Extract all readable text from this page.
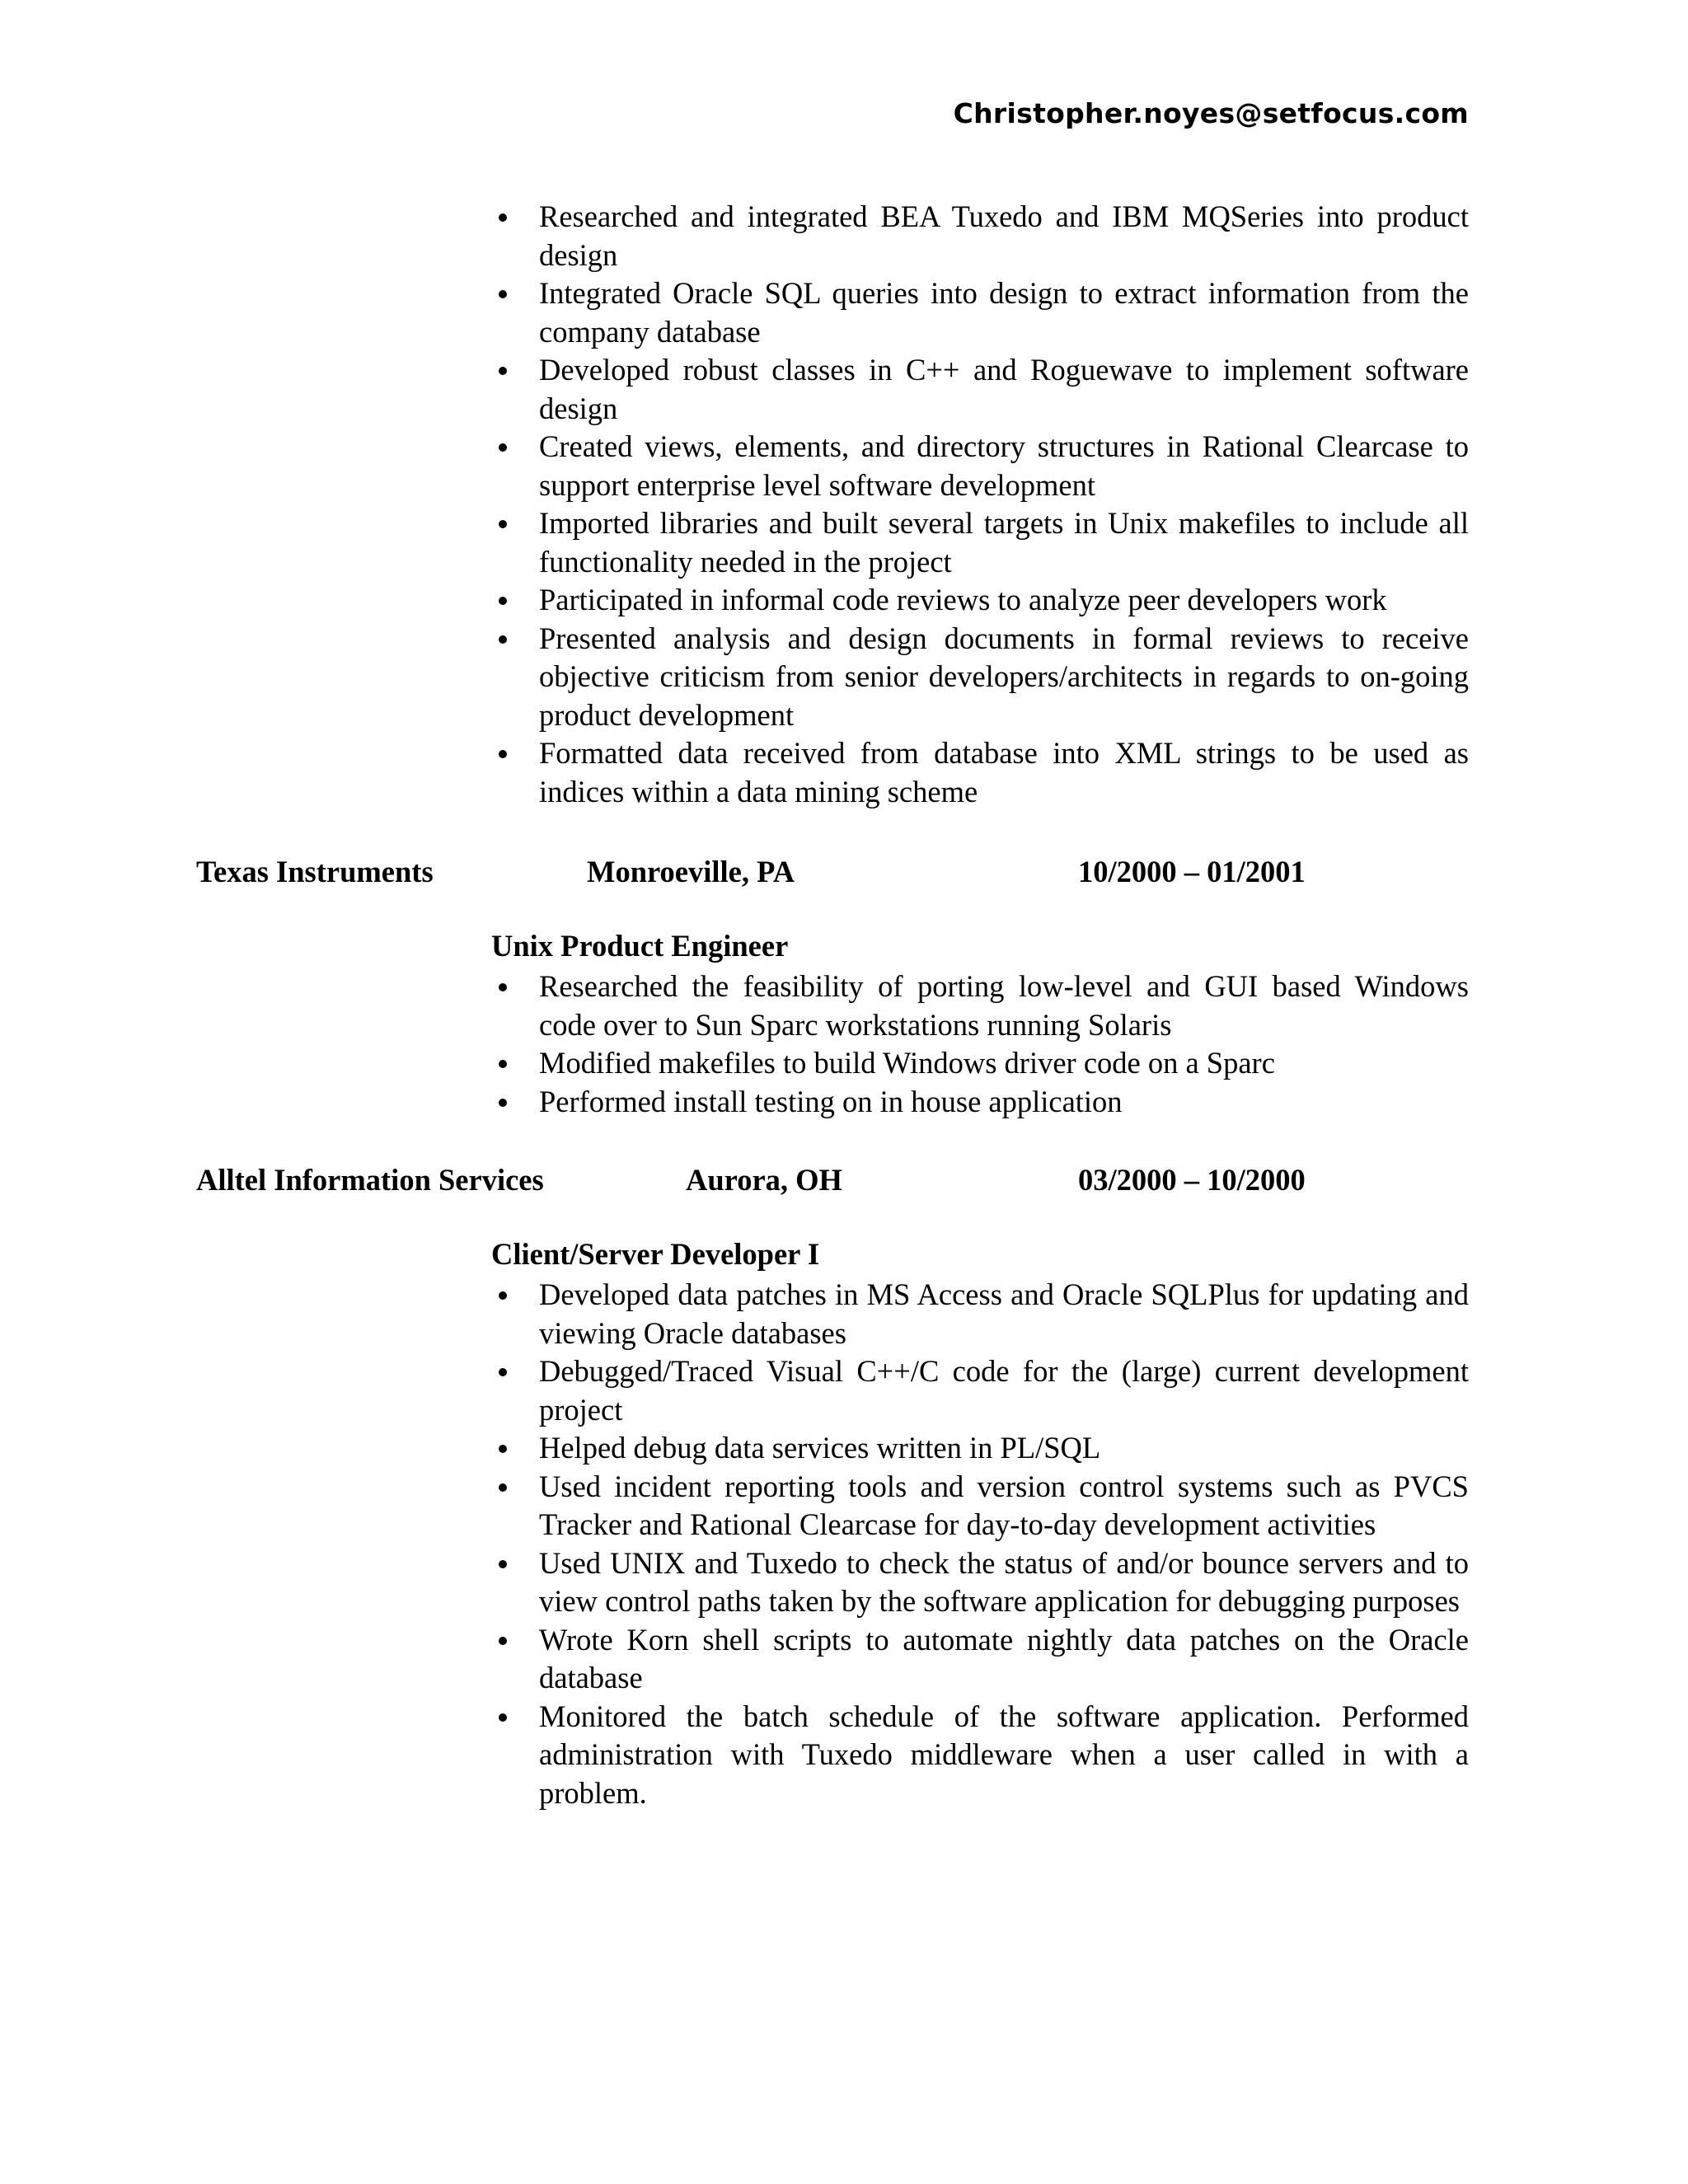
Christopher.noyes@setfocus.com
Researched and integrated BEA Tuxedo and IBM MQSeries into product design
Integrated Oracle SQL queries into design to extract information from the company database
Developed robust classes in C++ and Roguewave to implement software design
Created views, elements, and directory structures in Rational Clearcase to support enterprise level software development
Imported libraries and built several targets in Unix makefiles to include all functionality needed in the project
Participated in informal code reviews to analyze peer developers work
Presented analysis and design documents in formal reviews to receive objective criticism from senior developers/architects in regards to on-going product development
Formatted data received from database into XML strings to be used as indices within a data mining scheme
Texas Instruments	Monroeville, PA	10/2000 – 01/2001
Unix Product Engineer
Researched the feasibility of porting low-level and GUI based Windows code over to Sun Sparc workstations running Solaris
Modified makefiles to build Windows driver code on a Sparc
Performed install testing on in house application
Alltel Information Services	Aurora, OH	03/2000 – 10/2000
Client/Server Developer I
Developed data patches in MS Access and Oracle SQLPlus for updating and viewing Oracle databases
Debugged/Traced Visual C++/C code for the (large) current development project
Helped debug data services written in PL/SQL
Used incident reporting tools and version control systems such as PVCS Tracker and Rational Clearcase for day-to-day development activities
Used UNIX and Tuxedo to check the status of and/or bounce servers and to view control paths taken by the software application for debugging purposes
Wrote Korn shell scripts to automate nightly data patches on the Oracle database
Monitored the batch schedule of the software application. Performed administration with Tuxedo middleware when a user called in with a problem.
